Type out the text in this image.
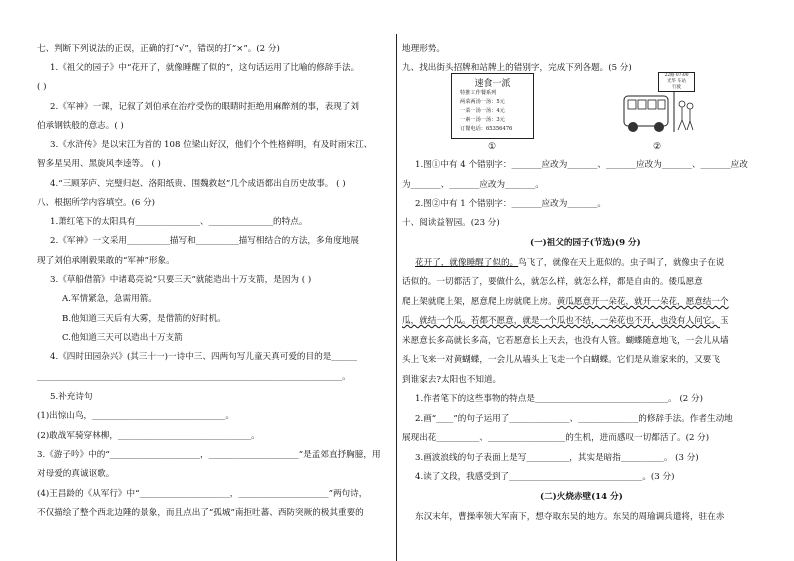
七、判断下列说法的正误，正确的打“√”，错误的打“×”。(2 分)
1.《祖父的园子》中“花开了，就像睡醒了似的”，这句话运用了比喻的修辞手法。
( )
2.《军神》一课，记叙了刘伯承在治疗受伤的眼睛时拒绝用麻醉剂的事，表现了刘
伯承钢铁般的意志。( )
3.《水浒传》是以宋江为首的 108 位梁山好汉，他们个个性格鲜明，有及时雨宋江、
智多星吴用、黑旋风李逵等。 ( )
4.“三顾茅庐、完璧归赵、洛阳纸贵、围魏救赵”几个成语都出自历史故事。 ( )
八、根据所学内容填空。(6 分)
1.萧红笔下的太阳具有_______________、_______________的特点。
2.《军神》一文采用__________描写和__________描写相结合的方法，多角度地展
现了刘伯承刚毅果敢的“军神”形象。
3.《草船借箭》中诸葛亮说“只要三天”就能造出十万支箭，是因为 ( )
A.军情紧急，急需用箭。
B.他知道三天后有大雾，是借箭的好时机。
C.他知道三天可以造出十万支箭
4.《四时田园杂兴》(其三十一)一诗中三、四两句写儿童天真可爱的目的是______
_______________________________________________________________________。
5.补充诗句
(1)出惊山鸟，_______________________________。
(2)敢战军骑穿林柳，_______________________________。
3.《游子吟》中的“_____________________，_____________________”是孟郊直抒胸臆，用
对母爱的真诚讴歌。
(4)王昌龄的《从军行》中“_____________________，_____________________”两句诗，
不仅描绘了整个西北边陲的景象，而且点出了“孤城”南拒吐蕃、西防突厥的极其重要的
地理形势。
九、找出街头招牌和站牌上的错别字，完成下列各题。(5 分)
速食一派
特推工作餐系列
两菜两汤一汤：5元
一菜一汤一汤：4元
一素一汤一汤：3元
订餐电话：65356476
①
22路 07:00
光华 车站
行驶
②
1.图①中有 4 个错别字：_______应改为_______、_______应改为_______、_______应改
为_______、_______应改为_______。
2.图②中有 1 个错别字：_______应改为_______。
十、阅读益智园。(23 分)
(一)祖父的园子(节选)(9 分)
花开了，就像睡醒了似的。鸟飞了，就像在天上逛似的。虫子叫了，就像虫子在说
话似的。一切都活了，要做什么，就怎么样，就怎么样，都是自由的。倭瓜愿意
爬上架就爬上架，愿意爬上房就爬上房。黄瓜愿意开一朵花，就开一朵花，愿意结一个
瓜，就结一个瓜。若都不愿意，就是一个瓜也不结，一朵花也不开，也没有人问它。玉
米愿意长多高就长多高，它若愿意长上天去，也没有人管。蝴蝶随意地飞，一会儿从墙
头上飞来一对黄蝴蝶，一会儿从墙头上飞走一个白蝴蝶。它们是从谁家来的，又要飞
到谁家去?太阳也不知道。
1.作者笔下的这些事物的特点是_______________________________。 (2 分)
2.画“____”的句子运用了______________、______________的修辞手法。作者生动地
展现出花__________、__________________的生机，进而感叹一切都活了。(2 分)
3.画波浪线的句子表面上是写__________，其实是暗指__________。 (3 分)
4.读了文段，我感受到了_______________________________。(3 分)
(二)火烧赤壁(14 分)
东汉末年，曹操率领大军南下，想夺取东吴的地方。东吴的周瑜调兵遣将，驻在赤
